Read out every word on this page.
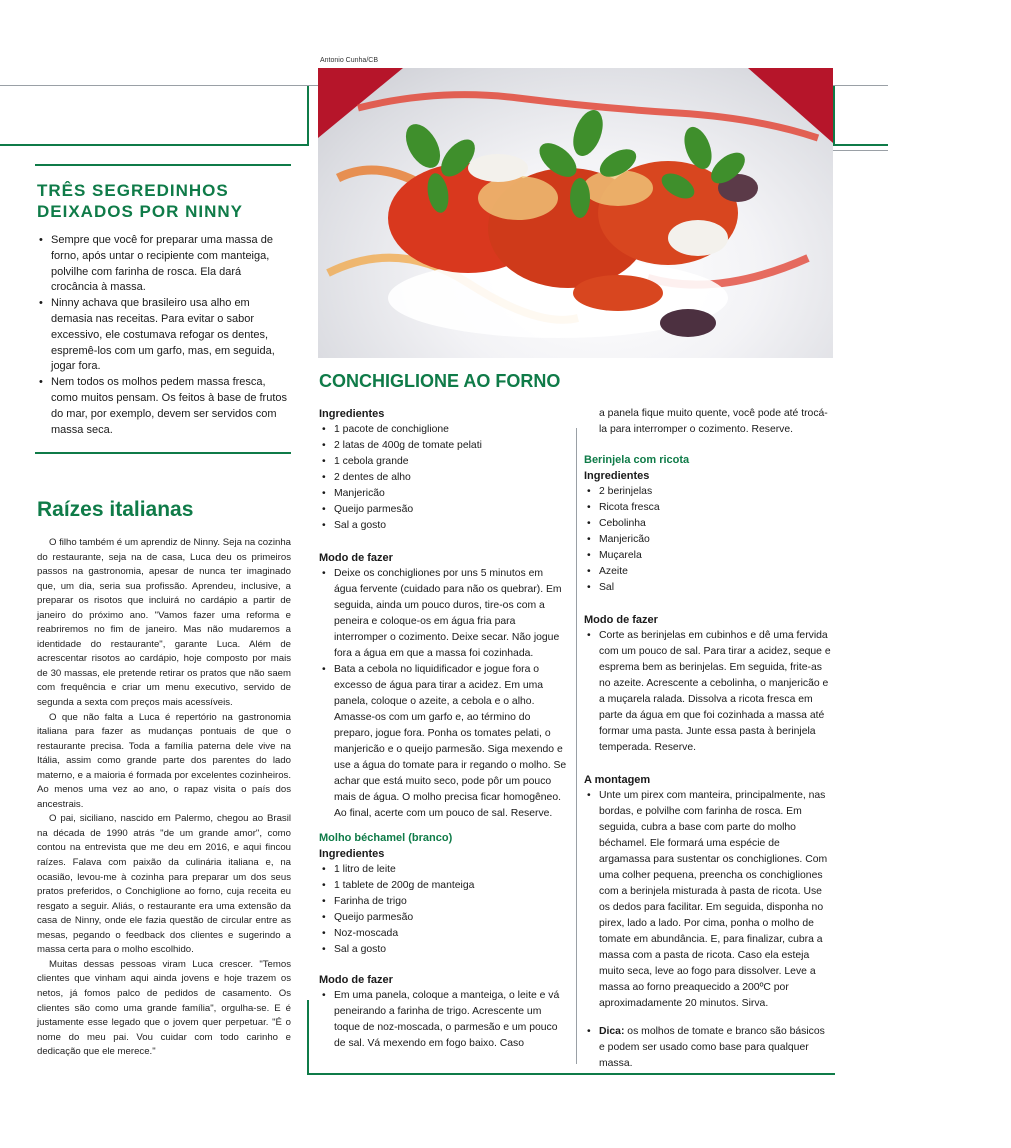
Antonio Cunha/CB
TRÊS SEGREDINHOS DEIXADOS POR NINNY
• Sempre que você for preparar uma massa de forno, após untar o recipiente com manteiga, polvilhe com farinha de rosca. Ela dará crocância à massa.
• Ninny achava que brasileiro usa alho em demasia nas receitas. Para evitar o sabor excessivo, ele costumava refogar os dentes, espremê-los com um garfo, mas, em seguida, jogar fora.
• Nem todos os molhos pedem massa fresca, como muitos pensam. Os feitos à base de frutos do mar, por exemplo, devem ser servidos com massa seca.
Raízes italianas

O filho também é um aprendiz de Ninny. Seja na cozinha do restaurante, seja na de casa, Luca deu os primeiros passos na gastronomia, apesar de nunca ter imaginado que, um dia, seria sua profissão. Aprendeu, inclusive, a preparar os risotos que incluirá no cardápio a partir de janeiro do próximo ano. "Vamos fazer uma reforma e reabriremos no fim de janeiro. Mas não mudaremos a identidade do restaurante", garante Luca. Além de acrescentar risotos ao cardápio, hoje composto por mais de 30 massas, ele pretende retirar os pratos que não saem com frequência e criar um menu executivo, servido de segunda a sexta com preços mais acessíveis.

O que não falta a Luca é repertório na gastronomia italiana para fazer as mudanças pontuais de que o restaurante precisa. Toda a família paterna dele vive na Itália, assim como grande parte dos parentes do lado materno, e a maioria é formada por excelentes cozinheiros. Ao menos uma vez ao ano, o rapaz visita o país dos ancestrais.

O pai, siciliano, nascido em Palermo, chegou ao Brasil na década de 1990 atrás "de um grande amor", como contou na entrevista que me deu em 2016, e aqui fincou raízes. Falava com paixão da culinária italiana e, na ocasião, levou-me à cozinha para preparar um dos seus pratos preferidos, o Conchiglione ao forno, cuja receita eu resgato a seguir. Aliás, o restaurante era uma extensão da casa de Ninny, onde ele fazia questão de circular entre as mesas, pegando o feedback dos clientes e sugerindo a massa certa para o molho escolhido.

Muitas dessas pessoas viram Luca crescer. "Temos clientes que vinham aqui ainda jovens e hoje trazem os netos, já fomos palco de pedidos de casamento. Os clientes são como uma grande família", orgulha-se. E é justamente esse legado que o jovem quer perpetuar. "É o nome do meu pai. Vou cuidar com todo carinho e dedicação que ele merece."

CONCHIGLIONE AO FORNO
Ingredientes
• 1 pacote de conchiglione
• 2 latas de 400g de tomate pelati
• 1 cebola grande
• 2 dentes de alho
• Manjericão
• Queijo parmesão
• Sal a gosto
Modo de fazer
• Deixe os conchigliones por uns 5 minutos em água fervente (cuidado para não os quebrar). Em seguida, ainda um pouco duros, tire-os com a peneira e coloque-os em água fria para interromper o cozimento. Deixe secar. Não jogue fora a água em que a massa foi cozinhada.
• Bata a cebola no liquidificador e jogue fora o excesso de água para tirar a acidez. Em uma panela, coloque o azeite, a cebola e o alho. Amasse-os com um garfo e, ao término do preparo, jogue fora. Ponha os tomates pelati, o manjericão e o queijo parmesão. Siga mexendo e use a água do tomate para ir regando o molho. Se achar que está muito seco, pode pôr um pouco mais de água. O molho precisa ficar homogêneo. Ao final, acerte com um pouco de sal. Reserve.
Molho béchamel (branco)
Ingredientes
• 1 litro de leite
• 1 tablete de 200g de manteiga
• Farinha de trigo
• Queijo parmesão
• Noz-moscada
• Sal a gosto
Modo de fazer
• Em uma panela, coloque a manteiga, o leite e vá peneirando a farinha de trigo. Acrescente um toque de noz-moscada, o parmesão e um pouco de sal. Vá mexendo em fogo baixo. Caso
a panela fique muito quente, você pode até trocá-la para interromper o cozimento. Reserve.
Berinjela com ricota
Ingredientes
• 2 berinjelas
• Ricota fresca
• Cebolinha
• Manjericão
• Muçarela
• Azeite
• Sal
Modo de fazer
• Corte as berinjelas em cubinhos e dê uma fervida com um pouco de sal. Para tirar a acidez, seque e esprema bem as berinjelas. Em seguida, frite-as no azeite. Acrescente a cebolinha, o manjericão e a muçarela ralada. Dissolva a ricota fresca em parte da água em que foi cozinhada a massa até formar uma pasta. Junte essa pasta à berinjela temperada. Reserve.
A montagem
• Unte um pirex com manteira, principalmente, nas bordas, e polvilhe com farinha de rosca. Em seguida, cubra a base com parte do molho béchamel. Ele formará uma espécie de argamassa para sustentar os conchigliones. Com uma colher pequena, preencha os conchigliones com a berinjela misturada à pasta de ricota. Use os dedos para facilitar. Em seguida, disponha no pirex, lado a lado. Por cima, ponha o molho de tomate em abundância. E, para finalizar, cubra a massa com a pasta de ricota. Caso ela esteja muito seca, leve ao fogo para dissolver. Leve a massa ao forno preaquecido a 200ºC por aproximadamente 20 minutos. Sirva.
• Dica: os molhos de tomate e branco são básicos e podem ser usado como base para qualquer massa.
